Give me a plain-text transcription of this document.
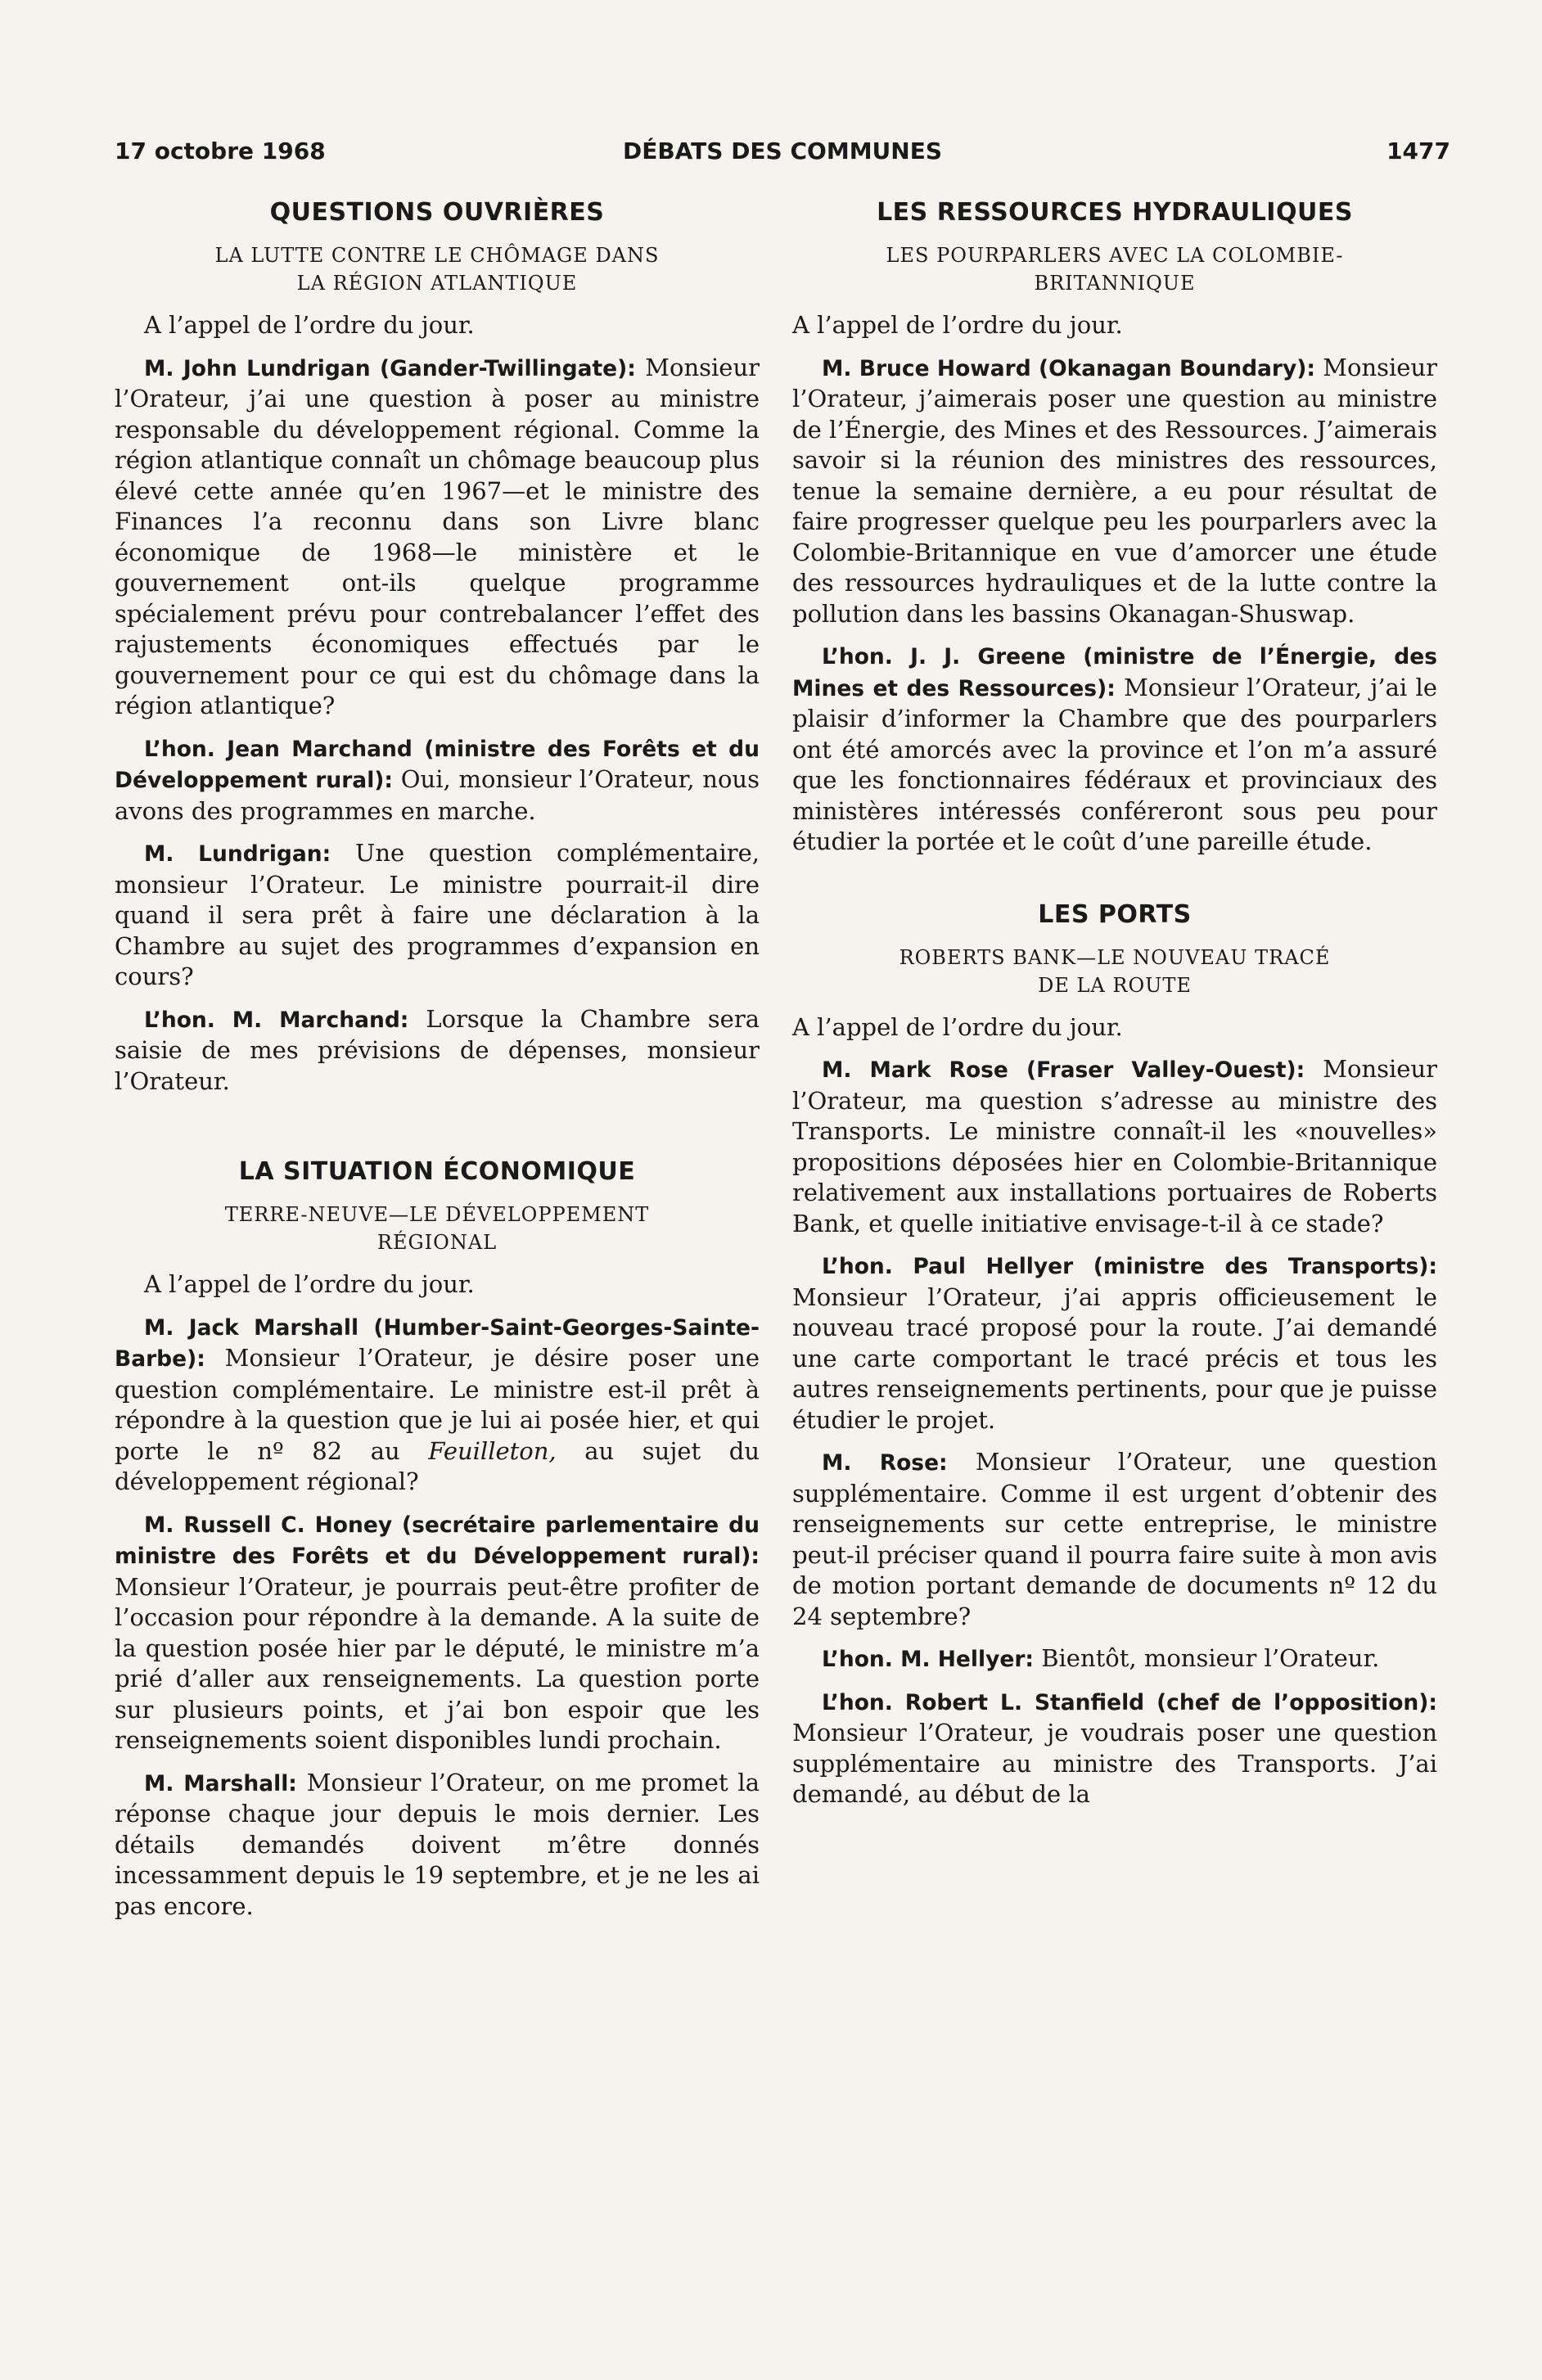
17 octobre 1968	DÉBATS DES COMMUNES	1477
QUESTIONS OUVRIÈRES
LA LUTTE CONTRE LE CHÔMAGE DANS
LA RÉGION ATLANTIQUE

A l’appel de l’ordre du jour.

M. John Lundrigan (Gander-Twillingate): Monsieur l’Orateur, j’ai une question à poser au ministre responsable du développement régional. Comme la région atlantique connaît un chômage beaucoup plus élevé cette année qu’en 1967—et le ministre des Finances l’a reconnu dans son Livre blanc économique de 1968—le ministère et le gouvernement ont-ils quelque programme spécialement prévu pour contrebalancer l’effet des rajustements économiques effectués par le gouvernement pour ce qui est du chômage dans la région atlantique?

L’hon. Jean Marchand (ministre des Forêts et du Développement rural): Oui, monsieur l’Orateur, nous avons des programmes en marche.

M. Lundrigan: Une question complémentaire, monsieur l’Orateur. Le ministre pourrait-il dire quand il sera prêt à faire une déclaration à la Chambre au sujet des programmes d’expansion en cours?

L’hon. M. Marchand: Lorsque la Chambre sera saisie de mes prévisions de dépenses, monsieur l’Orateur.

LA SITUATION ÉCONOMIQUE
TERRE-NEUVE—LE DÉVELOPPEMENT
RÉGIONAL

A l’appel de l’ordre du jour.

M. Jack Marshall (Humber-Saint-Georges-Sainte-Barbe): Monsieur l’Orateur, je désire poser une question complémentaire. Le ministre est-il prêt à répondre à la question que je lui ai posée hier, et qui porte le nº 82 au Feuilleton, au sujet du développement régional?

M. Russell C. Honey (secrétaire parlementaire du ministre des Forêts et du Développement rural): Monsieur l’Orateur, je pourrais peut-être profiter de l’occasion pour répondre à la demande. A la suite de la question posée hier par le député, le ministre m’a prié d’aller aux renseignements. La question porte sur plusieurs points, et j’ai bon espoir que les renseignements soient disponibles lundi prochain.

M. Marshall: Monsieur l’Orateur, on me promet la réponse chaque jour depuis le mois dernier. Les détails demandés doivent m’être donnés incessamment depuis le 19 septembre, et je ne les ai pas encore.

LES RESSOURCES HYDRAULIQUES
LES POURPARLERS AVEC LA COLOMBIE-
BRITANNIQUE

A l’appel de l’ordre du jour.

M. Bruce Howard (Okanagan Boundary): Monsieur l’Orateur, j’aimerais poser une question au ministre de l’Énergie, des Mines et des Ressources. J’aimerais savoir si la réunion des ministres des ressources, tenue la semaine dernière, a eu pour résultat de faire progresser quelque peu les pourparlers avec la Colombie-Britannique en vue d’amorcer une étude des ressources hydrauliques et de la lutte contre la pollution dans les bassins Okanagan-Shuswap.

L’hon. J. J. Greene (ministre de l’Énergie, des Mines et des Ressources): Monsieur l’Orateur, j’ai le plaisir d’informer la Chambre que des pourparlers ont été amorcés avec la province et l’on m’a assuré que les fonctionnaires fédéraux et provinciaux des ministères intéressés conféreront sous peu pour étudier la portée et le coût d’une pareille étude.

LES PORTS
ROBERTS BANK—LE NOUVEAU TRACÉ
DE LA ROUTE

A l’appel de l’ordre du jour.

M. Mark Rose (Fraser Valley-Ouest): Monsieur l’Orateur, ma question s’adresse au ministre des Transports. Le ministre connaît-il les «nouvelles» propositions déposées hier en Colombie-Britannique relativement aux installations portuaires de Roberts Bank, et quelle initiative envisage-t-il à ce stade?

L’hon. Paul Hellyer (ministre des Transports): Monsieur l’Orateur, j’ai appris officieusement le nouveau tracé proposé pour la route. J’ai demandé une carte comportant le tracé précis et tous les autres renseignements pertinents, pour que je puisse étudier le projet.

M. Rose: Monsieur l’Orateur, une question supplémentaire. Comme il est urgent d’obtenir des renseignements sur cette entreprise, le ministre peut-il préciser quand il pourra faire suite à mon avis de motion portant demande de documents nº 12 du 24 septembre?

L’hon. M. Hellyer: Bientôt, monsieur l’Orateur.

L’hon. Robert L. Stanfield (chef de l’opposition): Monsieur l’Orateur, je voudrais poser une question supplémentaire au ministre des Transports. J’ai demandé, au début de la
